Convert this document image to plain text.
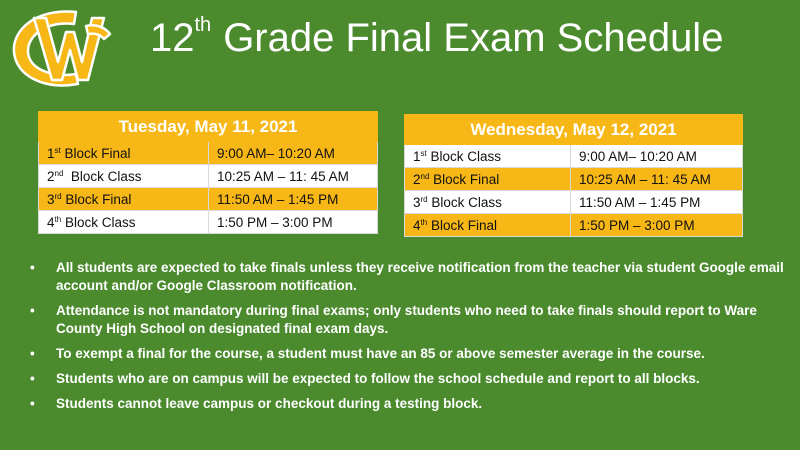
12th Grade Final Exam Schedule
Tuesday, May 11, 2021	
1st Block Final	9:00 AM– 10:20 AM
2nd  Block Class	10:25 AM – 11: 45 AM
3rd Block Final	11:50 AM – 1:45 PM
4th Block Class	1:50 PM – 3:00 PM
Wednesday, May 12, 2021	
1st Block Class	9:00 AM– 10:20 AM
2nd Block Final	10:25 AM – 11: 45 AM
3rd Block Class	11:50 AM – 1:45 PM
4th Block Final	1:50 PM – 3:00 PM
• All students are expected to take finals unless they receive notification from the teacher via student Google email account and/or Google Classroom notification.
• Attendance is not mandatory during final exams; only students who need to take finals should report to Ware County High School on designated final exam days.
• To exempt a final for the course, a student must have an 85 or above semester average in the course.
• Students who are on campus will be expected to follow the school schedule and report to all blocks.
• Students cannot leave campus or checkout during a testing block.
